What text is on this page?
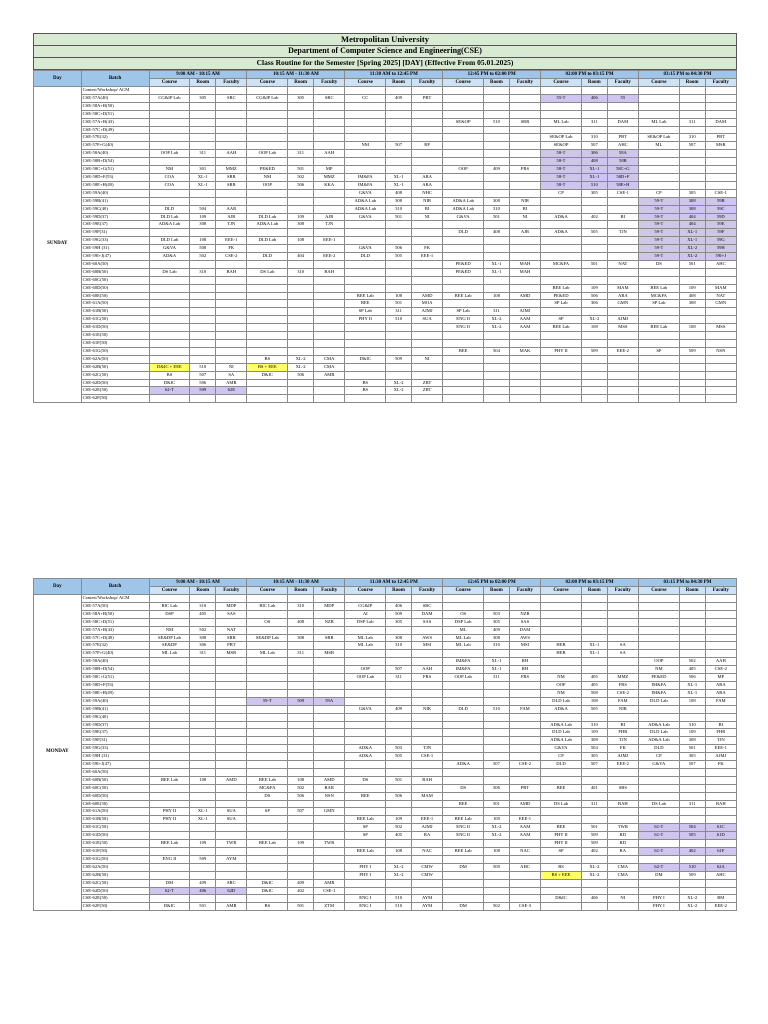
Metropolitan University
Department of Computer Science and Engineering(CSE)
Class Routine for the Semester [Spring 2025] [DAY] (Effective From 05.01.2025)
Day	Batch	9:00 AM - 10:15 AM			10:15 AM - 11:30 AM			11:30 AM to 12:45 PM			12:45 PM to 02:00 PM			02:00 PM to 03:15 PM			03:15 PM to 04:30 PM		
		Course	Room	Faculty	Course	Room	Faculty	Course	Room	Faculty	Course	Room	Faculty	Course	Room	Faculty	Course	Room	Faculty
SUNDAY	Contest/Workshop/ ACM																		
	CSE-57A(40)	CG&IP Lab	305	SRC	CG&IP Lab	305	SRC	CC	409	PBT				55-T	406	55			
	CSE-58A+B(50)																		
	CSE-58C+D(51)																		
	CSE-57A+B(43)										SE&OP	510	SRR	ML Lab	311	DAM	ML Lab	311	DAM
	CSE-57C+D(49)																		
	CSE-57E(32)													SE&OP Lab	310	PBT	SE&OP Lab	310	PBT
	CSE-57F+G(40)							NM	507	RP				SE&OP	507	AHC	ML	507	MSR
	CSE-58A(40)	OOP Lab	311	AAH	OOP Lab	311	AAH							58-T	306	58A			
	CSE-58B+D(54)													58-T	408	58B			
	CSE-58C+G(51)	NM	301	MMZ	PE&ED	501	MP				OOP	409	FRS	58-T	XL-1	58C+G			
	CSE-58D+F(53)	COA	XL-1	SRR	NM	502	MMZ	IM&FA	XL-1	ARA				58-T	XL-1	58D+F			
	CSE-58E+H(49)	COA	XL-1	SRR	OOP	506	KKA	IM&FA	XL-1	ARA				58-T	510	58E+H			
	CSE-59A(40)							G&VA	408	NHC				CP	305	CSE-1	CP	305	CSE-1
	CSE-59B(41)							AD&A Lab	308	NIR	AD&A Lab	308	NIR				59-T	308	59B
	CSE-59C(40)	DLD	504	AAR				AD&A Lab	310	BI	AD&A Lab	310	BI				59-T	308	59C
	CSE-59D(37)	DLD Lab	109	AJR	DLD Lab	109	AJR	G&VA	501	NI	G&VA	501	NI	AD&A	402	BI	59-T	404	59D
	CSE-59E(37)	AD&A Lab	308	TJN	AD&A Lab	308	TJN										59-T	404	59E
	CSE-59F(31)										DLD	408	AJR	AD&A	505	TJN	59-T	XL-1	59F
	CSE-59G(33)	DLD Lab	108	EEE-1	DLD Lab	108	EEE-1										59-T	XL-1	59G
	CSE-59H (31)	G&VA	508	FK				G&VA	506	FK							59-T	XL-2	59H
	CSE-59I+J(47)	AD&A	502	CSE-2	DLD	404	EEE-2	DLD	505	EEE-1							59-T	XL-2	59I+J
	CSE-60A(50)										PE&ED	XL-1	MAH	MC&FA	501	NAT	DS	501	AHC
	CSE-60B(50)	DS Lab	310	BAH	DS Lab	310	BAH				PE&ED	XL-1	MAH						
	CSE-60C(50)																		
	CSE-60D(50)													BEE Lab	109	MAM	BEE Lab	109	MAM
	CSE-60E(50)							BEE Lab	108	AMD	BEE Lab	108	AMD	PE&ED	506	ARA	MC&FA	408	NAT
	CSE-61A(50)							BEE	501	MOA				SP Lab	306	GMN	SP Lab	308	GMN
	CSE-61B(50)							SP Lab	311	AJMJ	SP Lab	311	AJMJ						
	CSE-61C(50)							PHY II	510	SUA	ENG II	XL-2	AAM	SP	XL-2	AJMJ			
	CSE-61D(50)										ENG II	XL-2	AAM	BEE Lab	108	MSS	BEE Lab	108	MSS
	CSE-61E(50)																		
	CSE-61F(50)																		
	CSE-61G(50)										BEE	504	MAK	PHY II	509	EEE-2	SP	509	NSN
	CSE-62A(50)				BS	XL-2	CMA	D&IC	509	NI									
	CSE-62B(50)	D&IC + EEE	510	NI	BS + EEE	XL-2	CMA												
	CSE-62C(50)	BS	507	SA	D&IC	506	AMR												
	CSE-62D(50)	D&IC	506	AMR				BS	XL-2	ZRT									
	CSE-62E(50)	62-T	509	62E				BS	XL-2	ZRT									
	CSE-62F(50)																		
Day	Batch	9:00 AM - 10:15 AM			10:15 AM - 11:30 AM			11:30 AM to 12:45 PM			12:45 PM to 02:00 PM			02:00 PM to 03:15 PM			03:15 PM to 04:30 PM		
		Course	Room	Faculty	Course	Room	Faculty	Course	Room	Faculty	Course	Room	Faculty	Course	Room	Faculty	Course	Room	Faculty
MONDAY	Contest/Workshop/ ACM																		
	CSE-57A(50)	BIC Lab	310	MDP	BIC Lab	310	MDP	CG&IP	406	SRC									
	CSE-58A+B(50)	DSP	405	SAS				AI	509	DAM	OS	503	NZR						
	CSE-58C+D(51)				OS	408	NZR	DSP Lab	305	SAS	DSP Lab	305	SAS						
	CSE-57A+B(43)	NM	502	NAT							ML	409	DAM						
	CSE-57C+D(49)	SE&DP Lab	308	SRR	SE&DP Lab	308	SRR	ML Lab	308	AWS	ML Lab	308	AWS						
	CSE-57E(32)	SE&DP	306	PBT				ML Lab	310	MSI	ML Lab	310	MSI	HEB	XL-1	SA			
	CSE-57F+G(40)	ML Lab	311	MSR	ML Lab	311	MSR							HEB	XL-1	SA			
	CSE-58A(40)										IM&FA	XL-1	RH				OOP	502	AAH
	CSE-58B+D(54)							OOP	507	AAH	IM&FA	XL-1	RH				NM	405	CSE-2
	CSE-58C+G(51)							OOP Lab	311	FRS	OOP Lab	311	FRS	NM	405	MMZ	PE&ED	506	MP
	CSE-58D+F(53)													OOP	405	FRS	IM&FA	XL-1	ARA
	CSE-58E+H(49)													NM	508	CSE-2	IM&FA	XL-1	ARA
	CSE-59A(40)				59-T	509	59A							DLD Lab	108	FAM	DLD Lab	108	FAM
	CSE-59B(41)							G&VA	409	NIK	DLD	510	FAM	AD&A	505	NIR			
	CSE-59C(40)																		
	CSE-59D(37)													AD&A Lab	310	BI	AD&A Lab	310	BI
	CSE-59E(37)													DLD Lab	109	FHR	DLD Lab	109	FHR
	CSE-59F(31)													AD&A Lab	308	TJN	AD&A Lab	308	TJN
	CSE-59G(33)							AD&A	503	TJN				G&VA	504	FK	DLD	501	EEE-1
	CSE-59H (31)							AD&A	505	CSE-1				CP	305	AJMJ	CP	305	AJMJ
	CSE-59I+J(47)										AD&A	507	CSE-2	DLD	507	EEE-2	G&VA	507	FK
	CSE-60A(50)																		
	CSE-60B(50)	BEE Lab	108	AMD	BEE Lab	108	AMD	DS	501	BAH									
	CSE-60C(50)				MC&FA	502	RAR				DS	506	PBT	BEE	401	SBS			
	CSE-60D(50)				DS	506	NSN	BEE	506	MAM									
	CSE-60E(50)										BEE	501	AMD	DS Lab	311	BAH	DS Lab	311	BAH
	CSE-61A(50)	PHY II	XL-1	SUA	SP	507	GMN												
	CSE-61B(50)	PHY II	XL-1	SUA				BEE Lab	109	EEE-1	BEE Lab	109	EEE-1						
	CSE-61C(50)							SP	502	AJMJ	ENG II	XL-2	AAM	BEE	501	TWR	61-T	504	61C
	CSE-61D(50)							SP	405	RA	ENG II	XL-2	AAM	PHY II	509	RD	61-T	505	61D
	CSE-61E(50)	BEE Lab	109	TWR	BEE Lab	109	TWR							PHY II	509	RD			
	CSE-61F(50)							BEE Lab	108	NAC	BEE Lab	108	NAC	SP	402	RA	61-T	402	61F
	CSE-61G(50)	ENG II	509	AYM															
	CSE-62A(50)							PHY I	XL-2	CMW	DM	509	AHC	BS	XL-2	CMA	62-T	510	62A
	CSE-62B(50)							PHY I	XL-2	CMW				BS + EEE	XL-2	CMA	DM	509	AHC
	CSE-62C(50)	DM	409	SRC	D&IC	409	AMR												
	CSE-62D(50)	62-T	406	62D	D&IC	402	CSE-1												
	CSE-62E(50)							ENG I	510	AYM				D&IC	406	NI	PHY I	XL-2	RM
	CSE-62F(50)	D&IC	501	AMR	BS	501	ZTM	ENG I	510	AYM	DM	502	CSE-3				PHY I	XL-2	EEE-2
